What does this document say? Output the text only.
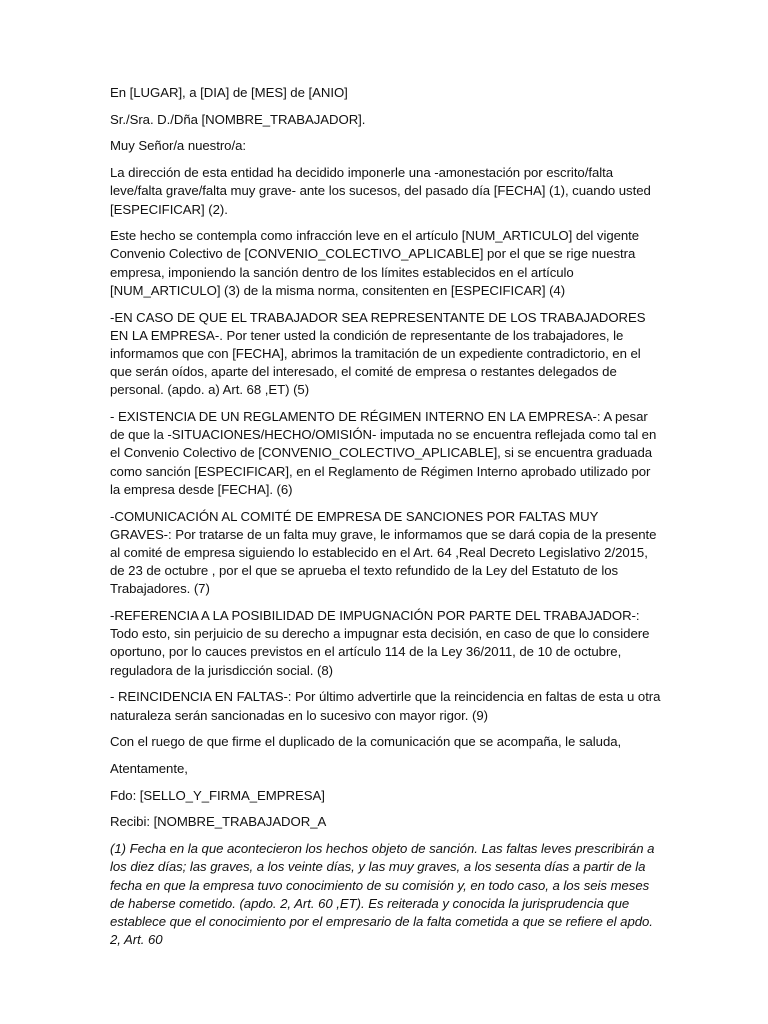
En [LUGAR], a [DIA] de [MES] de [ANIO]

Sr./Sra. D./Dña [NOMBRE_TRABAJADOR].

Muy Señor/a nuestro/a:

La dirección de esta entidad ha decidido imponerle una -amonestación por escrito/falta leve/falta grave/falta muy grave- ante los sucesos, del pasado día [FECHA] (1), cuando usted [ESPECIFICAR] (2).

Este hecho se contempla como infracción leve en el artículo [NUM_ARTICULO] del vigente Convenio Colectivo de [CONVENIO_COLECTIVO_APLICABLE] por el que se rige nuestra empresa, imponiendo la sanción dentro de los límites establecidos en el artículo [NUM_ARTICULO] (3) de la misma norma, consitenten en [ESPECIFICAR] (4)

-EN CASO DE QUE EL TRABAJADOR SEA REPRESENTANTE DE LOS TRABAJADORES EN LA EMPRESA-. Por tener usted la condición de representante de los trabajadores, le informamos que con [FECHA], abrimos la tramitación de un expediente contradictorio, en el que serán oídos, aparte del interesado, el comité de empresa o restantes delegados de personal. (apdo. a) Art. 68 ,ET) (5)

- EXISTENCIA DE UN REGLAMENTO DE RÉGIMEN INTERNO EN LA EMPRESA-: A pesar de que la -SITUACIONES/HECHO/OMISIÓN- imputada no se encuentra reflejada como tal en el Convenio Colectivo de [CONVENIO_COLECTIVO_APLICABLE], si se encuentra graduada como sanción [ESPECIFICAR], en el Reglamento de Régimen Interno aprobado utilizado por la empresa desde [FECHA]. (6)

-COMUNICACIÓN AL COMITÉ DE EMPRESA DE SANCIONES POR FALTAS MUY GRAVES-: Por tratarse de un falta muy grave, le informamos que se dará copia de la presente al comité de empresa siguiendo lo establecido en el Art. 64 ,Real Decreto Legislativo 2/2015, de 23 de octubre , por el que se aprueba el texto refundido de la Ley del Estatuto de los Trabajadores. (7)

-REFERENCIA A LA POSIBILIDAD DE IMPUGNACIÓN POR PARTE DEL TRABAJADOR-: Todo esto, sin perjuicio de su derecho a impugnar esta decisión, en caso de que lo considere oportuno, por lo cauces previstos en el artículo 114 de la Ley 36/2011, de 10 de octubre, reguladora de la jurisdicción social. (8)

- REINCIDENCIA EN FALTAS-: Por último advertirle que la reincidencia en faltas de esta u otra naturaleza serán sancionadas en lo sucesivo con mayor rigor. (9)

Con el ruego de que firme el duplicado de la comunicación que se acompaña, le saluda,

Atentamente,

Fdo: [SELLO_Y_FIRMA_EMPRESA]

Recibi: [NOMBRE_TRABAJADOR_A

(1) Fecha en la que acontecieron los hechos objeto de sanción. Las faltas leves prescribirán a los diez días; las graves, a los veinte días, y las muy graves, a los sesenta días a partir de la fecha en que la empresa tuvo conocimiento de su comisión y, en todo caso, a los seis meses de haberse cometido. (apdo. 2, Art. 60 ,ET). Es reiterada y conocida la jurisprudencia que establece que el conocimiento por el empresario de la falta cometida a que se refiere el apdo. 2, Art. 60
